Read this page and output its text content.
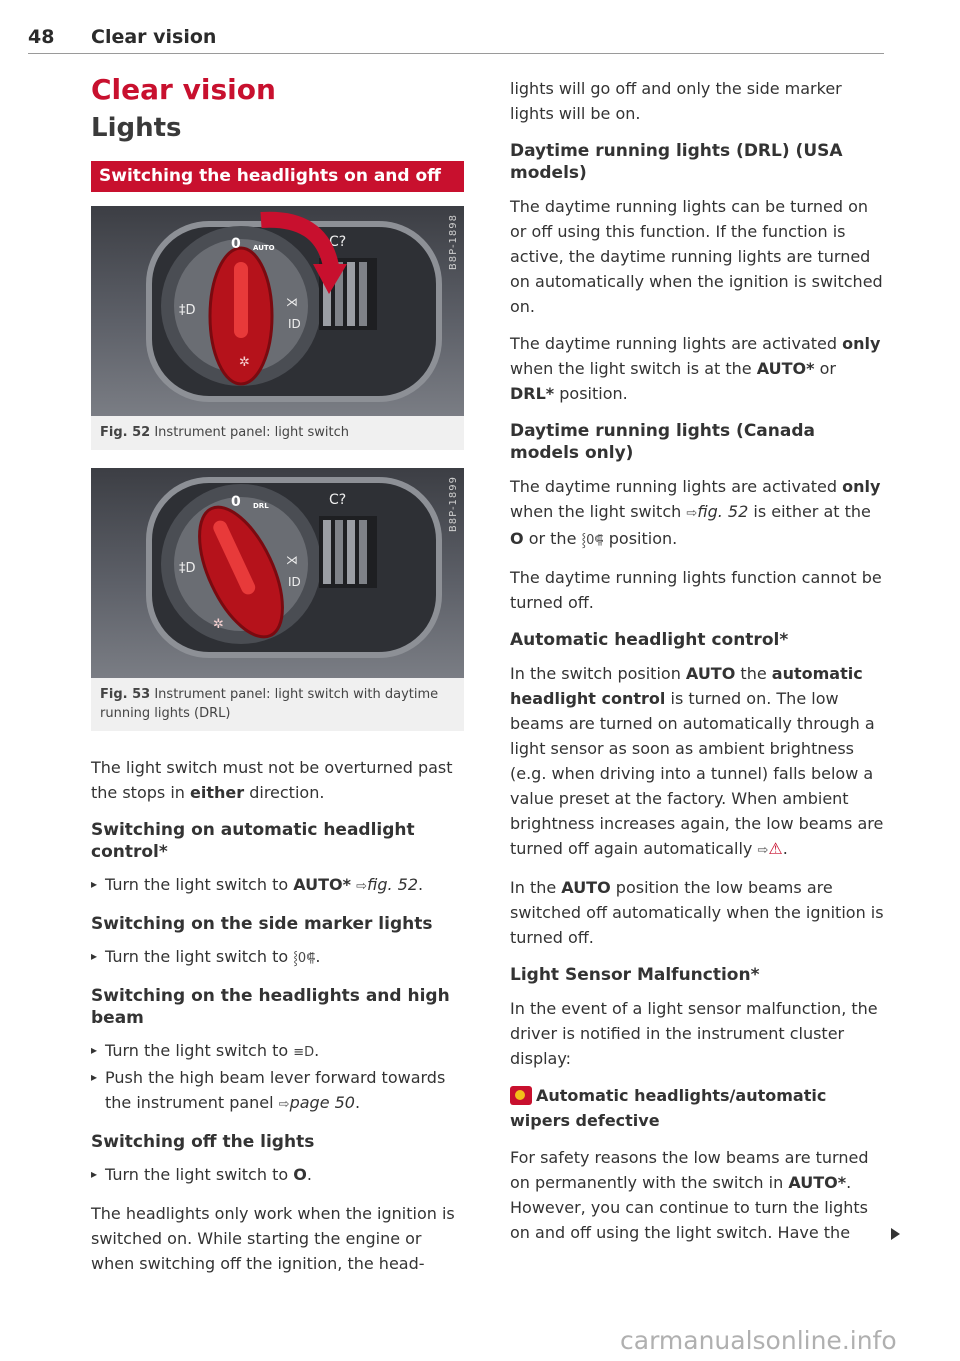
48 Clear vision
Clear vision
Lights
Switching the headlights on and off
C?
✲
0 AUTO
‡D
⋊
ID
B8P-1898
Fig. 52 Instrument panel: light switch
C?
✲
0 DRL
‡D
⋊
ID
B8P-1899
Fig. 53 Instrument panel: light switch with daytime running lights (DRL)

The light switch must not be overturned past the stops in either direction.

Switching on automatic headlight control*
▸ Turn the light switch to AUTO* ⇨fig. 52.
Switching on the side marker lights
▸ Turn the light switch to ⸾0⸿.
Switching on the headlights and high beam
▸ Turn the light switch to ≡D.
▸ Push the high beam lever forward towards the instrument panel ⇨page 50.
Switching off the lights
▸ Turn the light switch to O.

The headlights only work when the ignition is switched on. While starting the engine or when switching off the ignition, the head-

lights will go off and only the side marker lights will be on.

Daytime running lights (DRL) (USA models)

The daytime running lights can be turned on or off using this function. If the function is active, the daytime running lights are turned on automatically when the ignition is switched on.

The daytime running lights are activated only when the light switch is at the AUTO* or DRL* position.

Daytime running lights (Canada models only)

The daytime running lights are activated only when the light switch ⇨fig. 52 is either at the O or the ⸾0⸿ position.

The daytime running lights function cannot be turned off.

Automatic headlight control*

In the switch position AUTO the automatic headlight control is turned on. The low beams are turned on automatically through a light sensor as soon as ambient brightness (e.g. when driving into a tunnel) falls below a value preset at the factory. When ambient brightness increases again, the low beams are turned off again automatically ⇨⚠.

In the AUTO position the low beams are switched off automatically when the ignition is turned off.

Light Sensor Malfunction*

In the event of a light sensor malfunction, the driver is notified in the instrument cluster display:

Automatic headlights/automatic wipers defective

For safety reasons the low beams are turned on permanently with the switch in AUTO*. However, you can continue to turn the lights on and off using the light switch. Have the

carmanualsonline.info
